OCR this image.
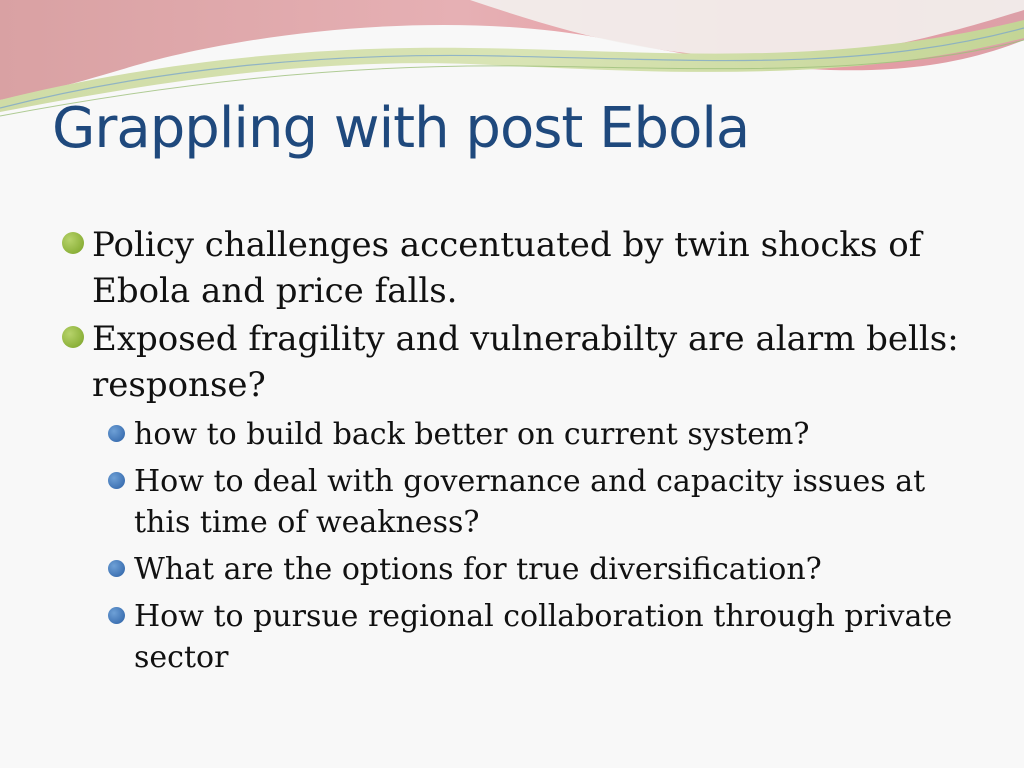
Grappling with post Ebola
Policy challenges accentuated by twin shocks of Ebola and price falls.
Exposed fragility and vulnerabilty are alarm bells: response?
how to build back better on current system?
How to deal with governance and capacity issues at this time of weakness?
What are the options for true diversification?
How to pursue regional collaboration through private sector
